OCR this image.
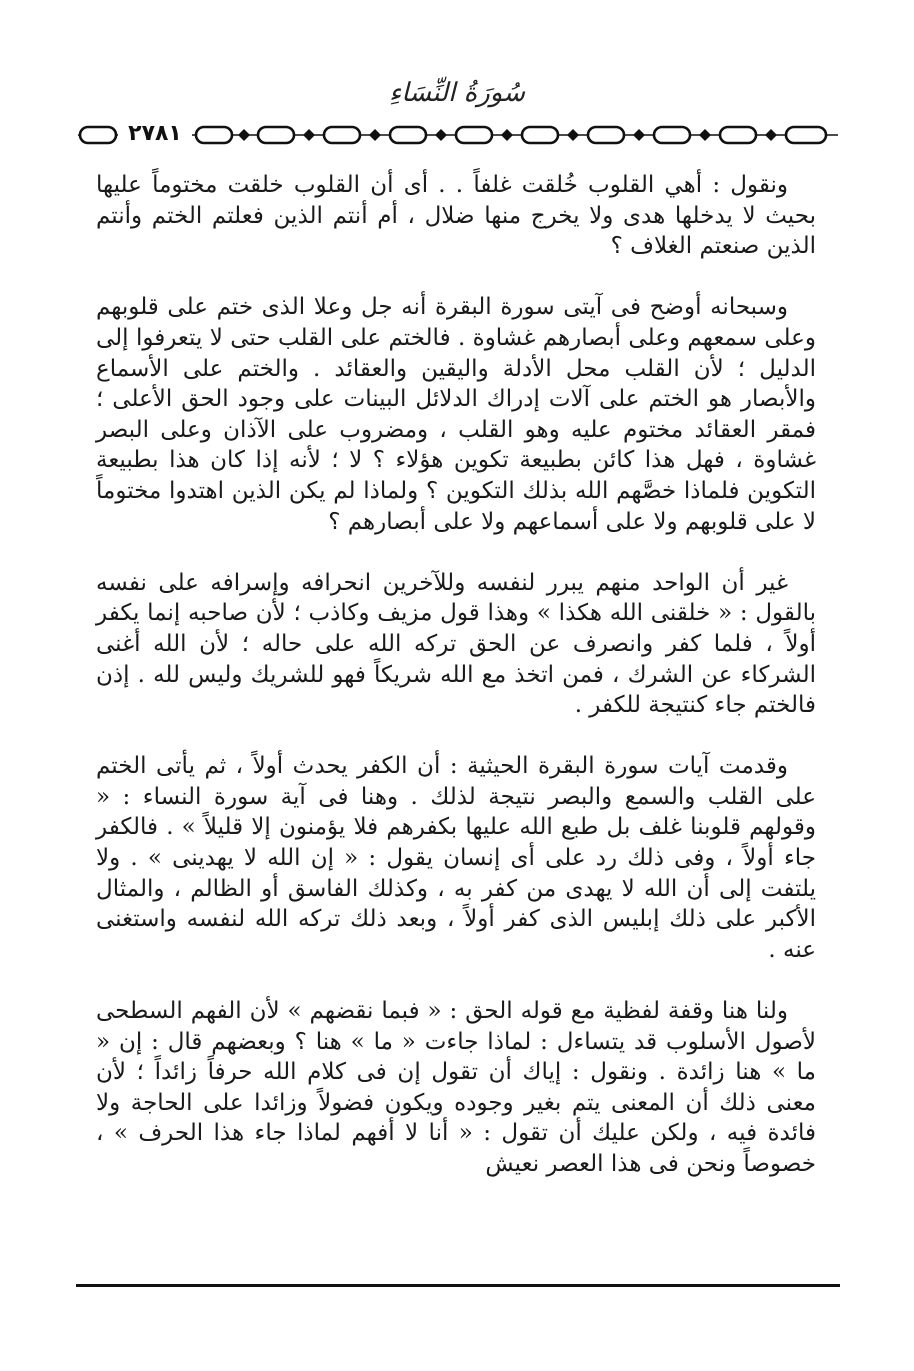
سُورَةُ النِّسَاءِ
٢٧٨١

ونقول : أهي القلوب خُلقت غلفاً . . أى أن القلوب خلقت مختوماً عليها بحيث لا يدخلها هدى ولا يخرج منها ضلال ، أم أنتم الذين فعلتم الختم وأنتم الذين صنعتم الغلاف ؟

وسبحانه أوضح فى آيتى سورة البقرة أنه جل وعلا الذى ختم على قلوبهم وعلى سمعهم وعلى أبصارهم غشاوة . فالختم على القلب حتى لا يتعرفوا إلى الدليل ؛ لأن القلب محل الأدلة واليقين والعقائد . والختم على الأسماع والأبصار هو الختم على آلات إدراك الدلائل البينات على وجود الحق الأعلى ؛ فمقر العقائد مختوم عليه وهو القلب ، ومضروب على الآذان وعلى البصر غشاوة ، فهل هذا كائن بطبيعة تكوين هؤلاء ؟ لا ؛ لأنه إذا كان هذا بطبيعة التكوين فلماذا خصَّهم الله بذلك التكوين ؟ ولماذا لم يكن الذين اهتدوا مختوماً لا على قلوبهم ولا على أسماعهم ولا على أبصارهم ؟

غير أن الواحد منهم يبرر لنفسه وللآخرين انحرافه وإسرافه على نفسه بالقول : « خلقنى الله هكذا » وهذا قول مزيف وكاذب ؛ لأن صاحبه إنما يكفر أولاً ، فلما كفر وانصرف عن الحق تركه الله على حاله ؛ لأن الله أغنى الشركاء عن الشرك ، فمن اتخذ مع الله شريكاً فهو للشريك وليس لله . إذن فالختم جاء كنتيجة للكفر .

وقدمت آيات سورة البقرة الحيثية : أن الكفر يحدث أولاً ، ثم يأتى الختم على القلب والسمع والبصر نتيجة لذلك . وهنا فى آية سورة النساء : « وقولهم قلوبنا غلف بل طبع الله عليها بكفرهم فلا يؤمنون إلا قليلاً » . فالكفر جاء أولاً ، وفى ذلك رد على أى إنسان يقول : « إن الله لا يهدينى » . ولا يلتفت إلى أن الله لا يهدى من كفر به ، وكذلك الفاسق أو الظالم ، والمثال الأكبر على ذلك إبليس الذى كفر أولاً ، وبعد ذلك تركه الله لنفسه واستغنى عنه .

ولنا هنا وقفة لفظية مع قوله الحق : « فبما نقضهم » لأن الفهم السطحى لأصول الأسلوب قد يتساءل : لماذا جاءت « ما » هنا ؟ وبعضهم قال : إن « ما » هنا زائدة . ونقول : إياك أن تقول إن فى كلام الله حرفاً زائداً ؛ لأن معنى ذلك أن المعنى يتم بغير وجوده ويكون فضولاً وزائدا على الحاجة ولا فائدة فيه ، ولكن عليك أن تقول : « أنا لا أفهم لماذا جاء هذا الحرف » ، خصوصاً ونحن فى هذا العصر نعيش
